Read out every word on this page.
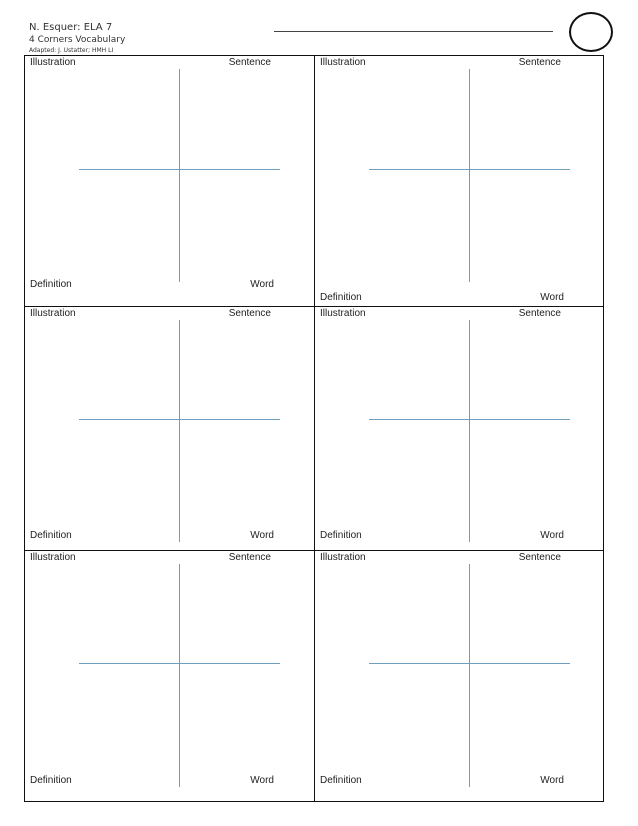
N. Esquer: ELA 7
4 Corners Vocabulary
Adapted: J. Ustatter; HMH LI
Illustration	Sentence
Definition	Word
Illustration	Sentence
Definition	Word
Illustration	Sentence
Definition	Word
Illustration	Sentence
Definition	Word
Illustration	Sentence
Definition	Word
Illustration	Sentence
Definition	Word
